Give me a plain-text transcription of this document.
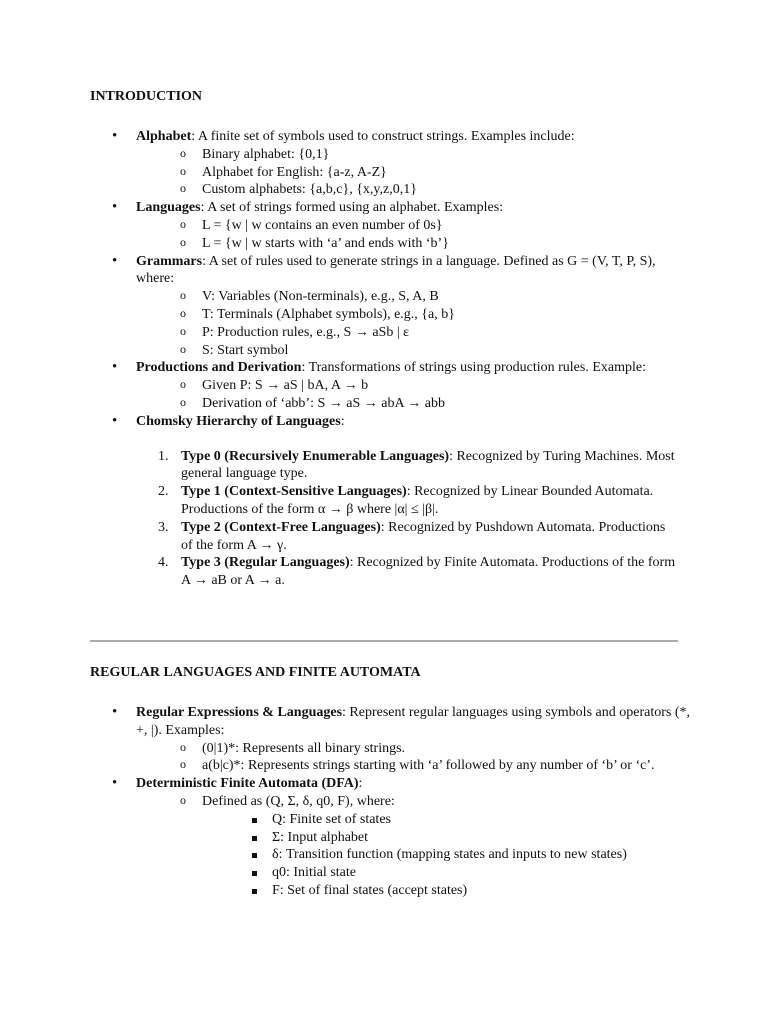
INTRODUCTION
• Alphabet: A finite set of symbols used to construct strings. Examples include:
o Binary alphabet: {0,1}
o Alphabet for English: {a-z, A-Z}
o Custom alphabets: {a,b,c}, {x,y,z,0,1}
• Languages: A set of strings formed using an alphabet. Examples:
o L = {w | w contains an even number of 0s}
o L = {w | w starts with ‘a’ and ends with ‘b’}
• Grammars: A set of rules used to generate strings in a language. Defined as G = (V, T, P, S), where:
o V: Variables (Non-terminals), e.g., S, A, B
o T: Terminals (Alphabet symbols), e.g., {a, b}
o P: Production rules, e.g., S → aSb | ε
o S: Start symbol
• Productions and Derivation: Transformations of strings using production rules. Example:
o Given P: S → aS | bA, A → b
o Derivation of ‘abb’: S → aS → abA → abb
• Chomsky Hierarchy of Languages:
1. Type 0 (Recursively Enumerable Languages): Recognized by Turing Machines. Most general language type.
2. Type 1 (Context-Sensitive Languages): Recognized by Linear Bounded Automata. Productions of the form α → β where |α| ≤ |β|.
3. Type 2 (Context-Free Languages): Recognized by Pushdown Automata. Productions of the form A → γ.
4. Type 3 (Regular Languages): Recognized by Finite Automata. Productions of the form A → aB or A → a.
REGULAR LANGUAGES AND FINITE AUTOMATA
• Regular Expressions & Languages: Represent regular languages using symbols and operators (*, +, |). Examples:
o (0|1)*: Represents all binary strings.
o a(b|c)*: Represents strings starting with ‘a’ followed by any number of ‘b’ or ‘c’.
• Deterministic Finite Automata (DFA):
o Defined as (Q, Σ, δ, q0, F), where:
Q: Finite set of states
Σ: Input alphabet
δ: Transition function (mapping states and inputs to new states)
q0: Initial state
F: Set of final states (accept states)
